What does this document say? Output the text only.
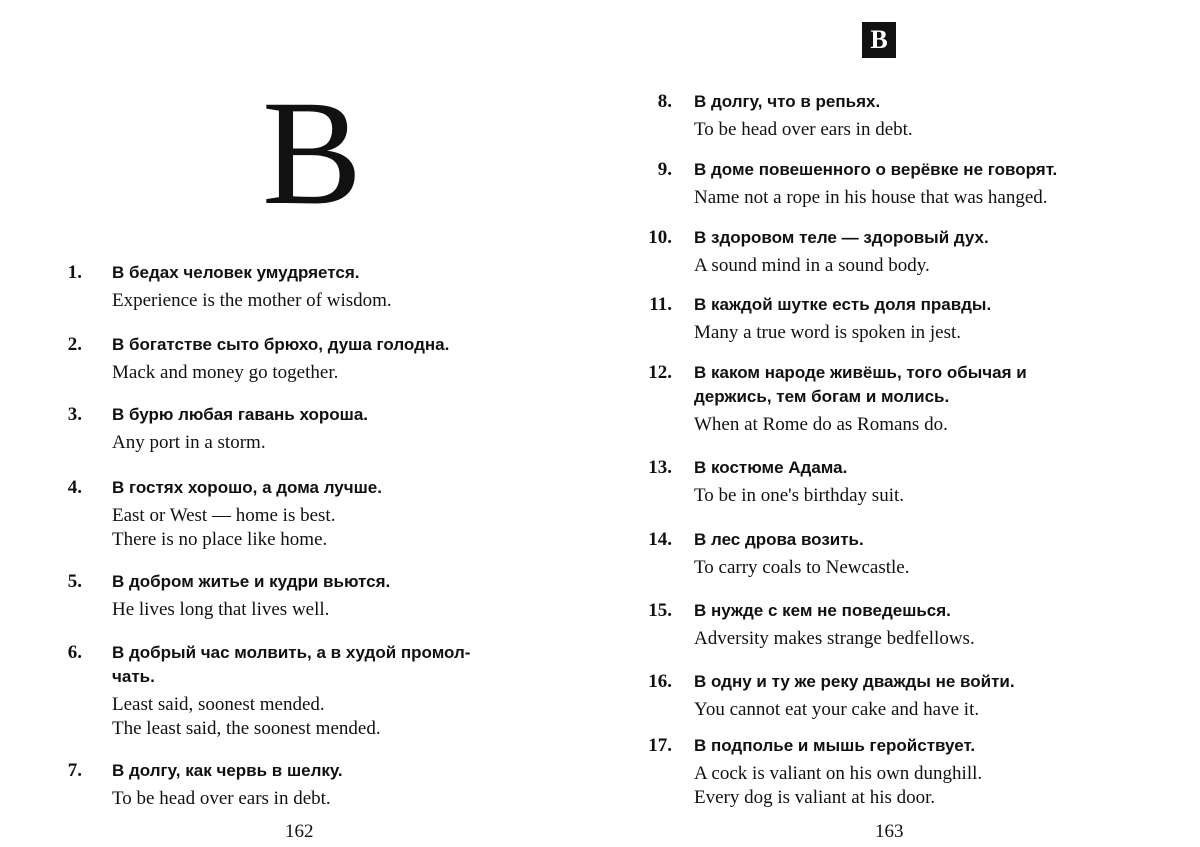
В
1. В бедах человек умудряется.

Experience is the mother of wisdom.

2. В богатстве сыто брюхо, душа голодна.

Mack and money go together.

3. В бурю любая гавань хороша.

Any port in a storm.

4. В гостях хорошо, а дома лучше.

East or West — home is best.

There is no place like home.

5. В добром житье и кудри вьются.

He lives long that lives well.

6. В добрый час молвить, а в худой промол-

чать.

Least said, soonest mended.

The least said, the soonest mended.

7. В долгу, как червь в шелку.

To be head over ears in debt.

162
В
8. В долгу, что в репьях.

To be head over ears in debt.

9. В доме повешенного о верёвке не говорят.

Name not a rope in his house that was hanged.

10. В здоровом теле — здоровый дух.

A sound mind in a sound body.

11. В каждой шутке есть доля правды.

Many a true word is spoken in jest.

12. В каком народе живёшь, того обычая и

держись, тем богам и молись.

When at Rome do as Romans do.

13. В костюме Адама.

To be in one's birthday suit.

14. В лес дрова возить.

To carry coals to Newcastle.

15. В нужде с кем не поведешься.

Adversity makes strange bedfellows.

16. В одну и ту же реку дважды не войти.

You cannot eat your cake and have it.

17. В подполье и мышь геройствует.

A cock is valiant on his own dunghill.

Every dog is valiant at his door.

163
